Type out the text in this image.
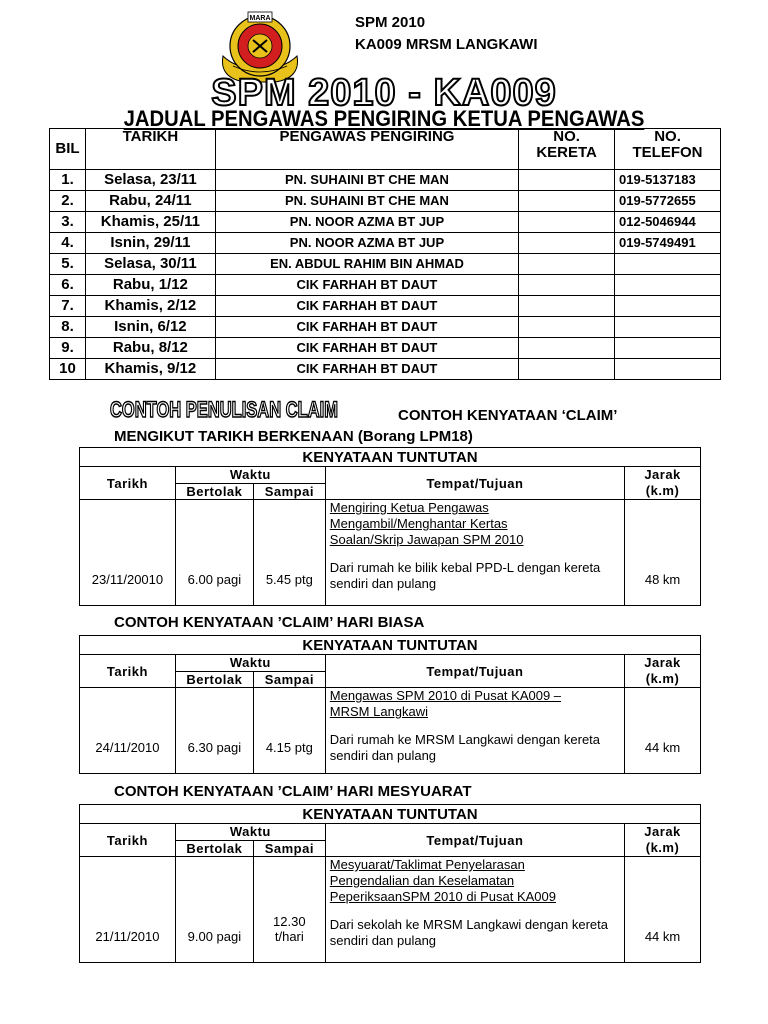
MARA	SPM 2010
KA009 MRSM LANGKAWI
SPM 2010 - KA009
JADUAL PENGAWAS PENGIRING KETUA PENGAWAS
BIL	TARIKH	PENGAWAS PENGIRING	NO. KERETA	NO. TELEFON
1.	Selasa, 23/11	PN. SUHAINI BT CHE MAN		019-5137183
2.	Rabu, 24/11	PN. SUHAINI BT CHE MAN		019-5772655
3.	Khamis, 25/11	PN. NOOR AZMA BT JUP		012-5046944
4.	Isnin, 29/11	PN. NOOR AZMA BT JUP		019-5749491
5.	Selasa, 30/11	EN. ABDUL RAHIM BIN AHMAD		
6.	Rabu, 1/12	CIK FARHAH BT DAUT		
7.	Khamis, 2/12	CIK FARHAH BT DAUT		
8.	Isnin, 6/12	CIK FARHAH BT DAUT		
9.	Rabu, 8/12	CIK FARHAH BT DAUT		
10	Khamis, 9/12	CIK FARHAH BT DAUT		
CONTOH PENULISAN CLAIM	CONTOH KENYATAAN ‘CLAIM’
MENGIKUT TARIKH BERKENAAN (Borang LPM18)
KENYATAAN TUNTUTAN				
Tarikh	Waktu		Tempat/Tujuan	Jarak (k.m)
	Bertolak	Sampai		
23/11/20010	6.00 pagi	5.45 ptg	Mengiring Ketua Pengawas
Mengambil/Menghantar Kertas
Soalan/Skrip Jawapan SPM 2010
Dari rumah ke bilik kebal PPD-L dengan kereta sendiri dan pulang	48 km
CONTOH KENYATAAN ’CLAIM’ HARI BIASA
KENYATAAN TUNTUTAN				
Tarikh	Waktu		Tempat/Tujuan	Jarak (k.m)
	Bertolak	Sampai		
24/11/2010	6.30 pagi	4.15 ptg	Mengawas SPM 2010 di Pusat KA009 –
MRSM Langkawi
Dari rumah ke MRSM Langkawi dengan kereta sendiri dan pulang	44 km
CONTOH KENYATAAN ’CLAIM’ HARI MESYUARAT
KENYATAAN TUNTUTAN				
Tarikh	Waktu		Tempat/Tujuan	Jarak (k.m)
	Bertolak	Sampai		
21/11/2010	9.00 pagi	12.30 t/hari	Mesyuarat/Taklimat Penyelarasan
Pengendalian dan Keselamatan
PeperiksaanSPM 2010 di Pusat KA009
Dari sekolah ke MRSM Langkawi dengan kereta sendiri dan pulang	44 km
